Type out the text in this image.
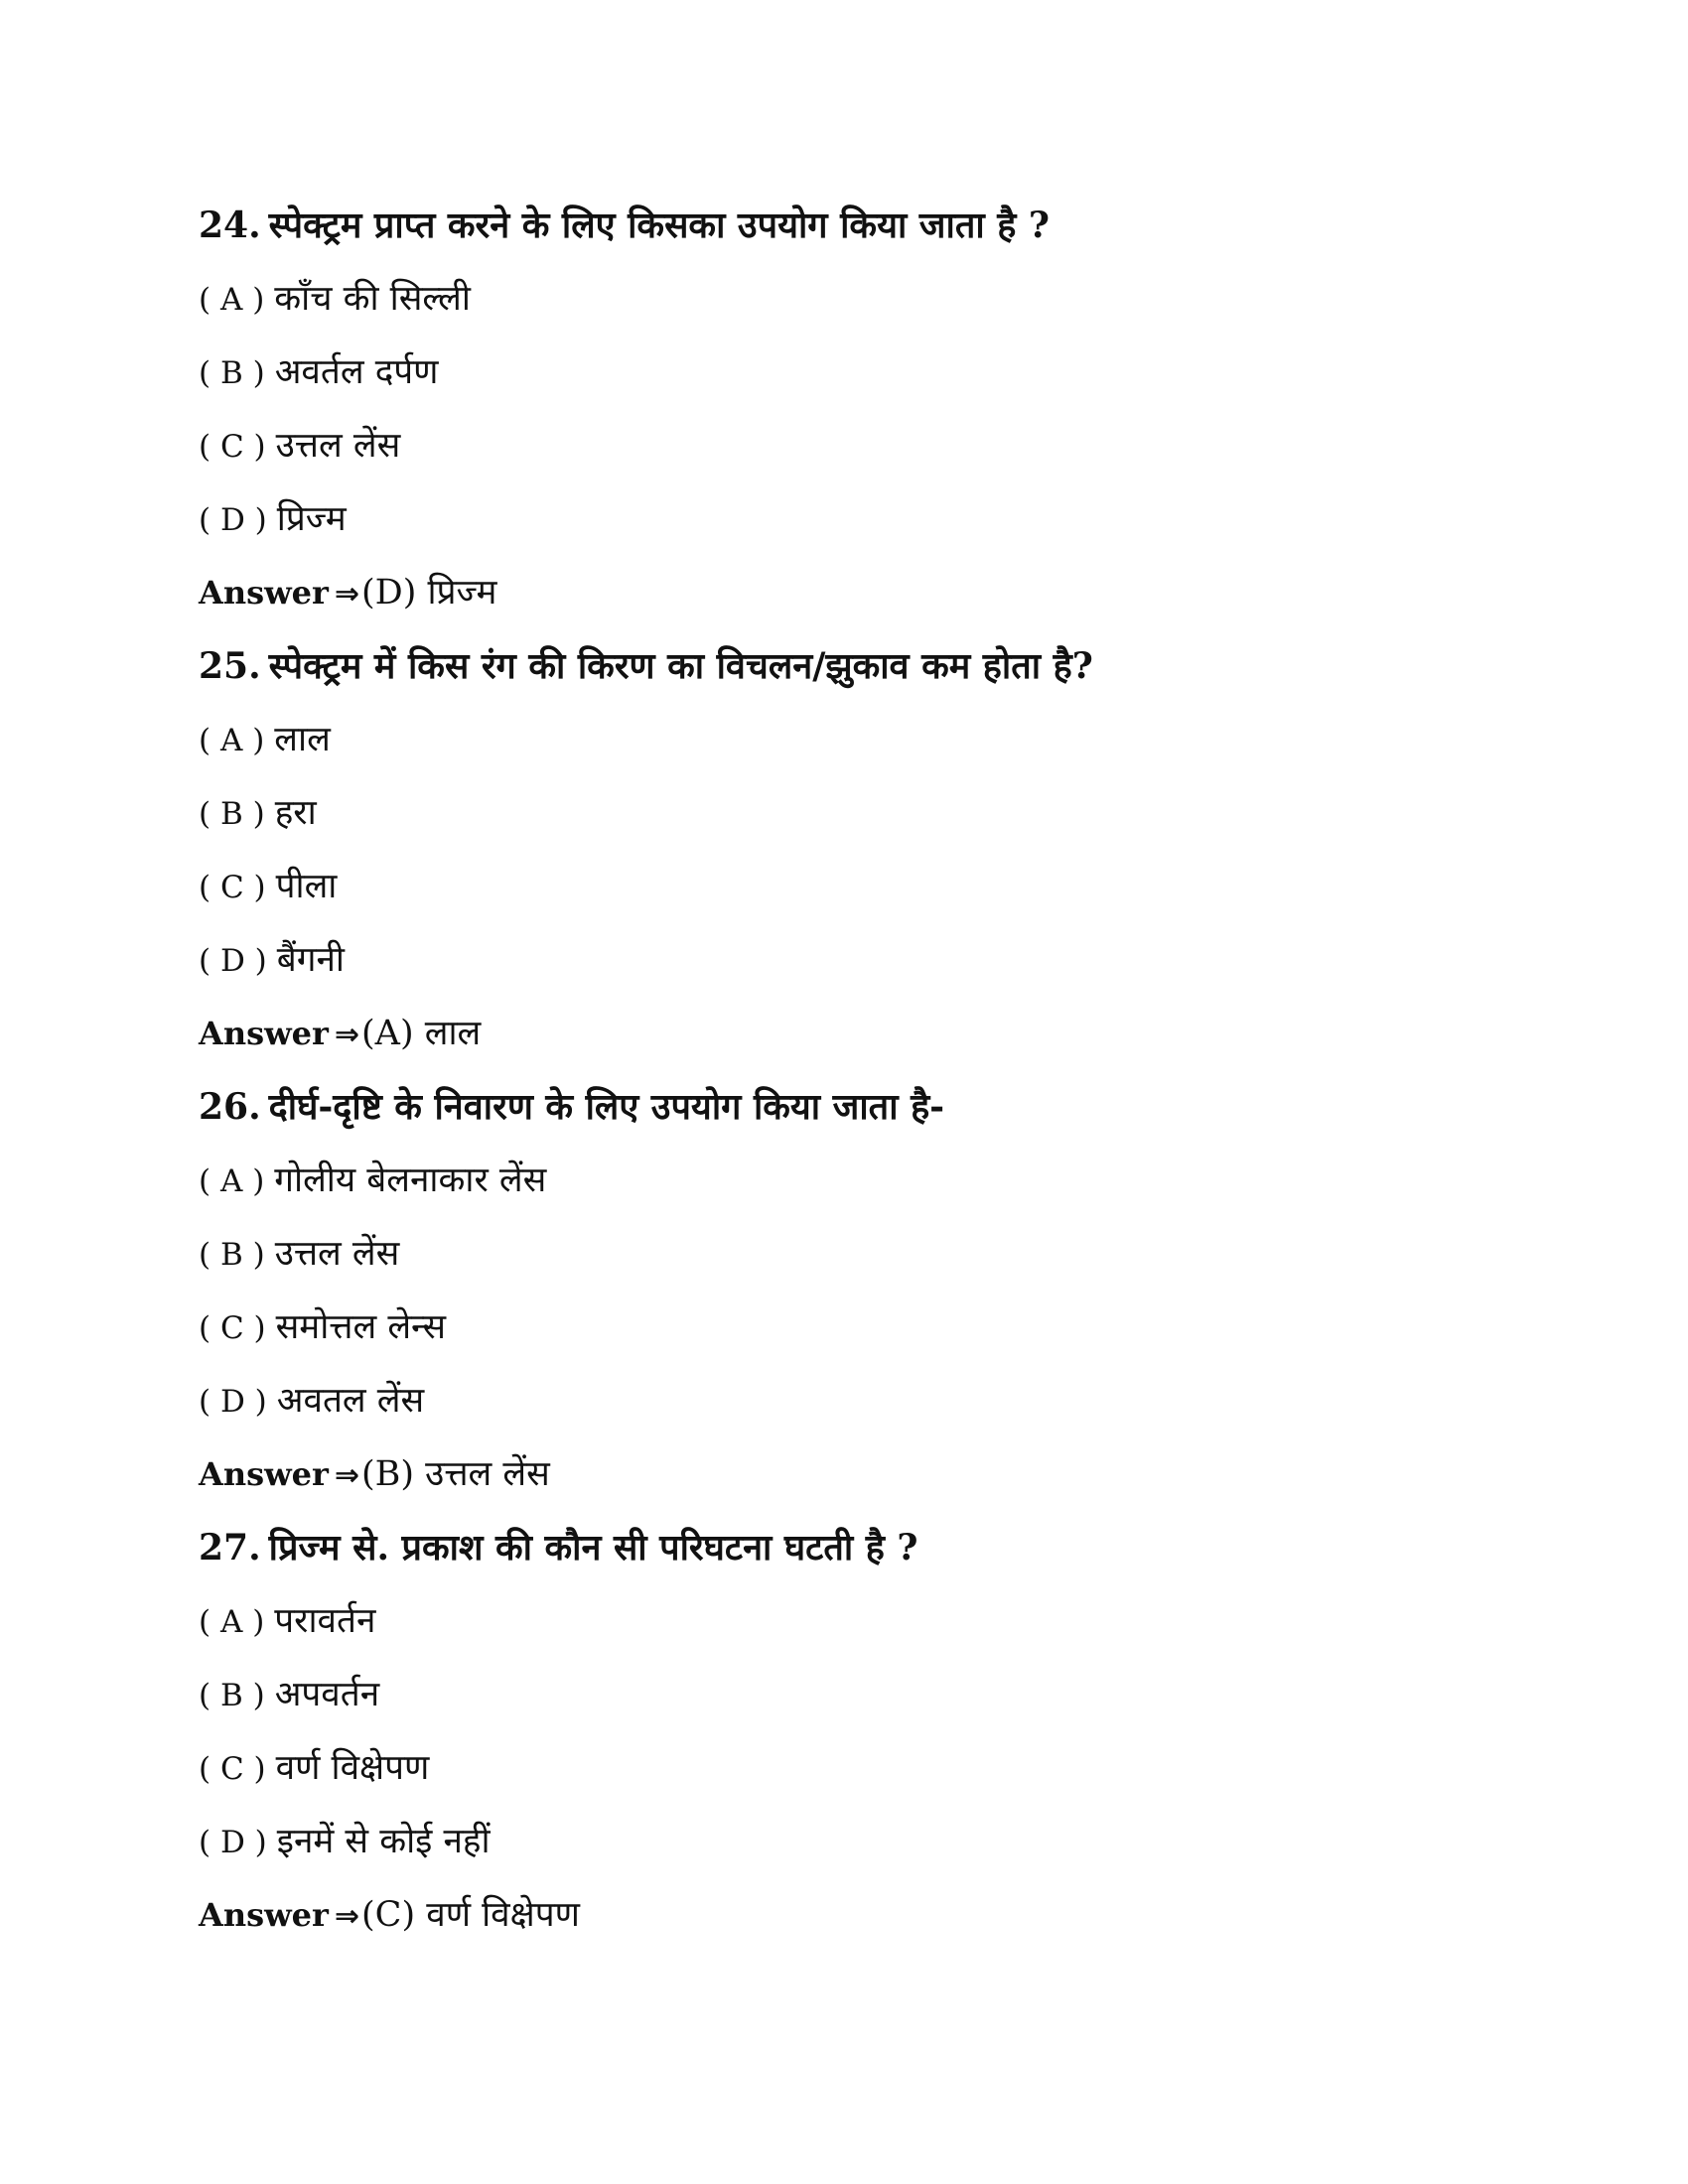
24. स्पेक्ट्रम प्राप्त करने के लिए किसका उपयोग किया जाता है ?
( A ) काँच की सिल्ली
( B ) अवर्तल दर्पण
( C ) उत्तल लेंस
( D ) प्रिज्म
Answer ⇒(D) प्रिज्म
25. स्पेक्ट्रम में किस रंग की किरण का विचलन/झुकाव कम होता है?
( A ) लाल
( B ) हरा
( C ) पीला
( D ) बैंगनी
Answer ⇒(A) लाल
26. दीर्घ-दृष्टि के निवारण के लिए उपयोग किया जाता है-
( A ) गोलीय बेलनाकार लेंस
( B ) उत्तल लेंस
( C ) समोत्तल लेन्स
( D ) अवतल लेंस
Answer ⇒(B) उत्तल लेंस
27. प्रिज्म से. प्रकाश की कौन सी परिघटना घटती है ?
( A ) परावर्तन
( B ) अपवर्तन
( C ) वर्ण विक्षेपण
( D ) इनमें से कोई नहीं
Answer ⇒(C) वर्ण विक्षेपण
